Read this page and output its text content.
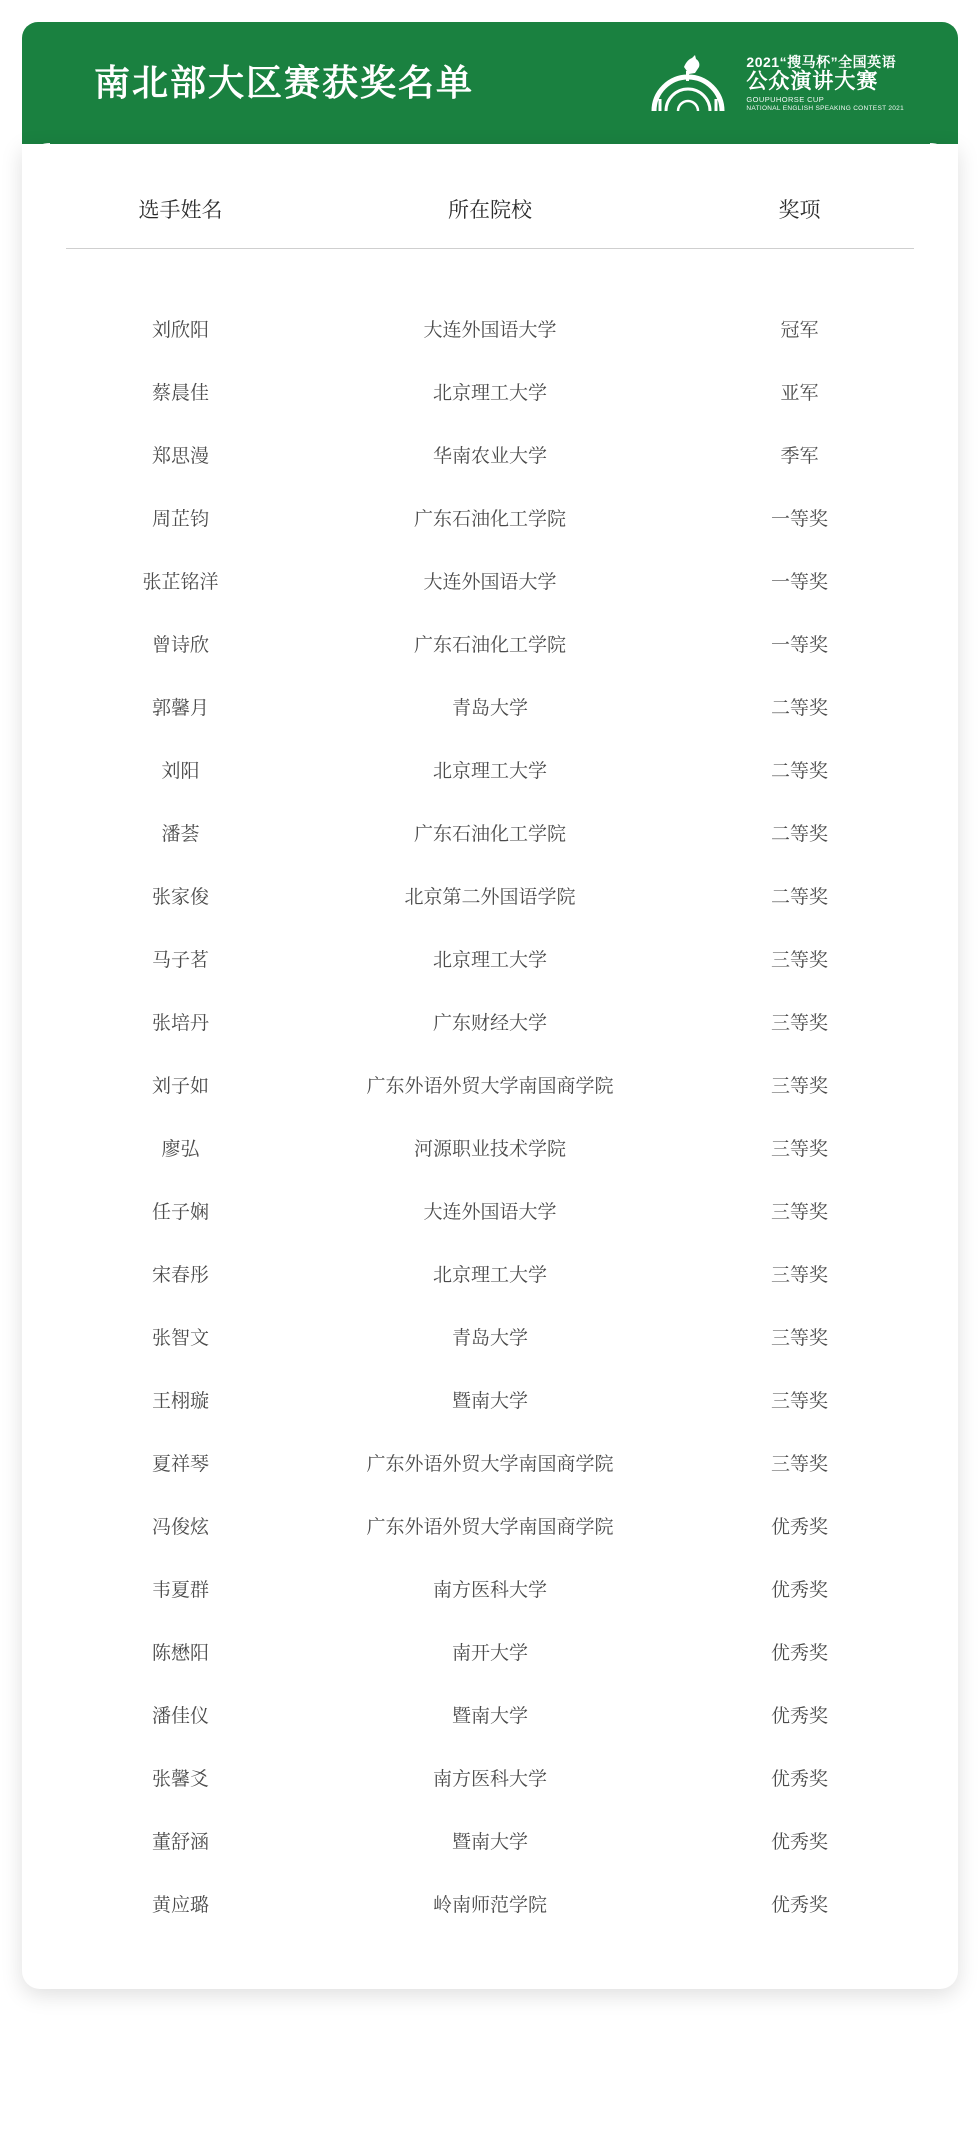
南北部大区赛获奖名单
2021“搜马杯”全国英语
公众演讲大赛
GOUPUHORSE CUP
NATIONAL ENGLISH SPEAKING CONTEST 2021
选手姓名	所在院校	奖项

刘欣阳	大连外国语大学	冠军
蔡晨佳	北京理工大学	亚军
郑思漫	华南农业大学	季军
周芷钧	广东石油化工学院	一等奖
张芷铭洋	大连外国语大学	一等奖
曾诗欣	广东石油化工学院	一等奖
郭馨月	青岛大学	二等奖
刘阳	北京理工大学	二等奖
潘荟	广东石油化工学院	二等奖
张家俊	北京第二外国语学院	二等奖
马子茗	北京理工大学	三等奖
张培丹	广东财经大学	三等奖
刘子如	广东外语外贸大学南国商学院	三等奖
廖弘	河源职业技术学院	三等奖
任子娴	大连外国语大学	三等奖
宋春彤	北京理工大学	三等奖
张智文	青岛大学	三等奖
王栩璇	暨南大学	三等奖
夏祥琴	广东外语外贸大学南国商学院	三等奖
冯俊炫	广东外语外贸大学南国商学院	优秀奖
韦夏群	南方医科大学	优秀奖
陈懋阳	南开大学	优秀奖
潘佳仪	暨南大学	优秀奖
张馨爻	南方医科大学	优秀奖
董舒涵	暨南大学	优秀奖
黄应璐	岭南师范学院	优秀奖
